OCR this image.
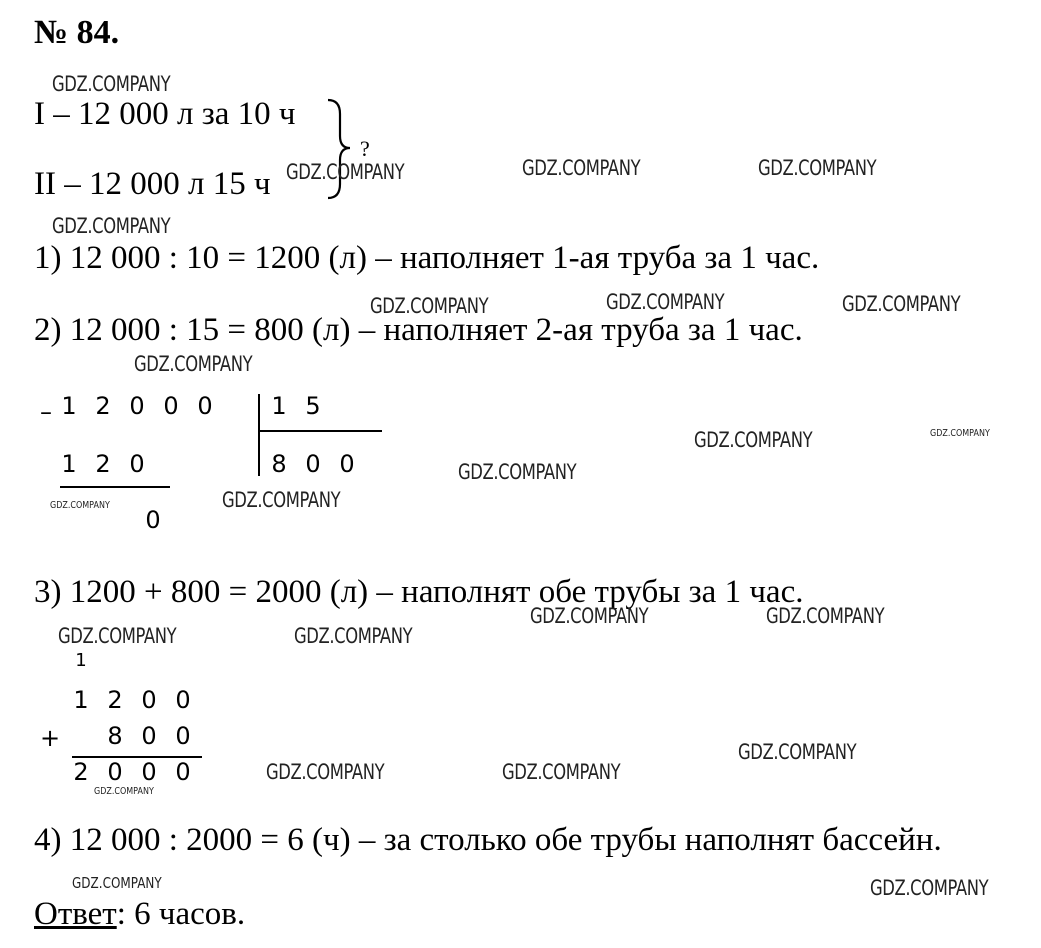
№ 84.
I – 12 000 л за 10 ч
II – 12 000 л 15 ч
?
1) 12 000 : 10 = 1200 (л) – наполняет 1-ая труба за 1 час.
2) 12 000 : 15 = 800 (л) – наполняет 2-ая труба за 1 час.
– 1 2 0 0 0	1 5
1 2 0	8 0 0
0
3) 1200 + 800 = 2000 (л) – наполнят обе трубы за 1 час.
1
1 2 0 0
+	8 0 0
2 0 0 0
4) 12 000 : 2000 = 6 (ч) – за столько обе трубы наполнят бассейн.
Ответ: 6 часов.
GDZ.COMPANY
GDZ.COMPANY	GDZ.COMPANY	GDZ.COMPANY
GDZ.COMPANY
GDZ.COMPANY	GDZ.COMPANY	GDZ.COMPANY
GDZ.COMPANY
GDZ.COMPANY	GDZ.COMPANY
GDZ.COMPANY
GDZ.COMPANY
GDZ.COMPANY
GDZ.COMPANY	GDZ.COMPANY
GDZ.COMPANY	GDZ.COMPANY
GDZ.COMPANY
GDZ.COMPANY	GDZ.COMPANY
GDZ.COMPANY
GDZ.COMPANY	GDZ.COMPANY
